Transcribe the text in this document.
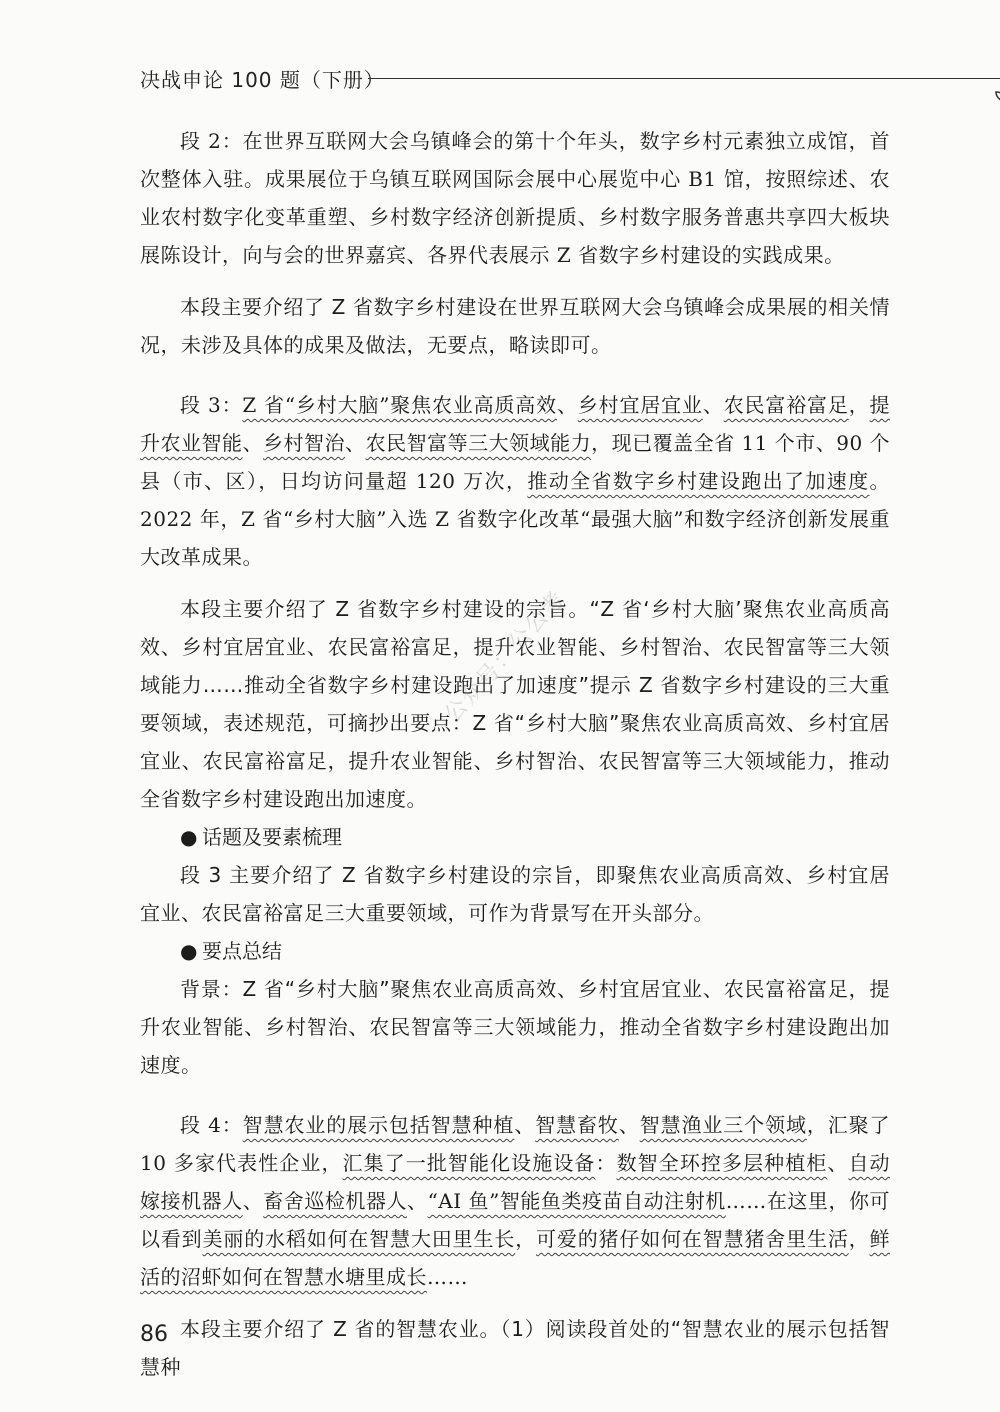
决战申论 100 题（下册）

段 2：在世界互联网大会乌镇峰会的第十个年头，数字乡村元素独立成馆，首次整体入驻。成果展位于乌镇互联网国际会展中心展览中心 B1 馆，按照综述、农业农村数字化变革重塑、乡村数字经济创新提质、乡村数字服务普惠共享四大板块展陈设计，向与会的世界嘉宾、各界代表展示 Z 省数字乡村建设的实践成果。

本段主要介绍了 Z 省数字乡村建设在世界互联网大会乌镇峰会成果展的相关情况，未涉及具体的成果及做法，无要点，略读即可。

段 3：Z 省“乡村大脑”聚焦农业高质高效、乡村宜居宜业、农民富裕富足，提升农业智能、乡村智治、农民智富等三大领域能力，现已覆盖全省 11 个市、90 个县（市、区），日均访问量超 120 万次，推动全省数字乡村建设跑出了加速度。2022 年，Z 省“乡村大脑”入选 Z 省数字化改革“最强大脑”和数字经济创新发展重大改革成果。

本段主要介绍了 Z 省数字乡村建设的宗旨。“Z 省‘乡村大脑’聚焦农业高质高效、乡村宜居宜业、农民富裕富足，提升农业智能、乡村智治、农民智富等三大领域能力……推动全省数字乡村建设跑出了加速度”提示 Z 省数字乡村建设的三大重要领域，表述规范，可摘抄出要点：Z 省“乡村大脑”聚焦农业高质高效、乡村宜居宜业、农民富裕富足，提升农业智能、乡村智治、农民智富等三大领域能力，推动全省数字乡村建设跑出加速度。

● 话题及要素梳理

段 3 主要介绍了 Z 省数字乡村建设的宗旨，即聚焦农业高质高效、乡村宜居宜业、农民富裕富足三大重要领域，可作为背景写在开头部分。

● 要点总结

背景：Z 省“乡村大脑”聚焦农业高质高效、乡村宜居宜业、农民富裕富足，提升农业智能、乡村智治、农民智富等三大领域能力，推动全省数字乡村建设跑出加速度。

段 4：智慧农业的展示包括智慧种植、智慧畜牧、智慧渔业三个领域，汇聚了 10 多家代表性企业，汇集了一批智能化设施设备：数智全环控多层种植柜、自动嫁接机器人、畜舍巡检机器人、“AI 鱼”智能鱼类疫苗自动注射机……在这里，你可以看到美丽的水稻如何在智慧大田里生长，可爱的猪仔如何在智慧猪舍里生活，鲜活的沼虾如何在智慧水塘里成长……

本段主要介绍了 Z 省的智慧农业。（1）阅读段首处的“智慧农业的展示包括智慧种

公众号：公公考
86
